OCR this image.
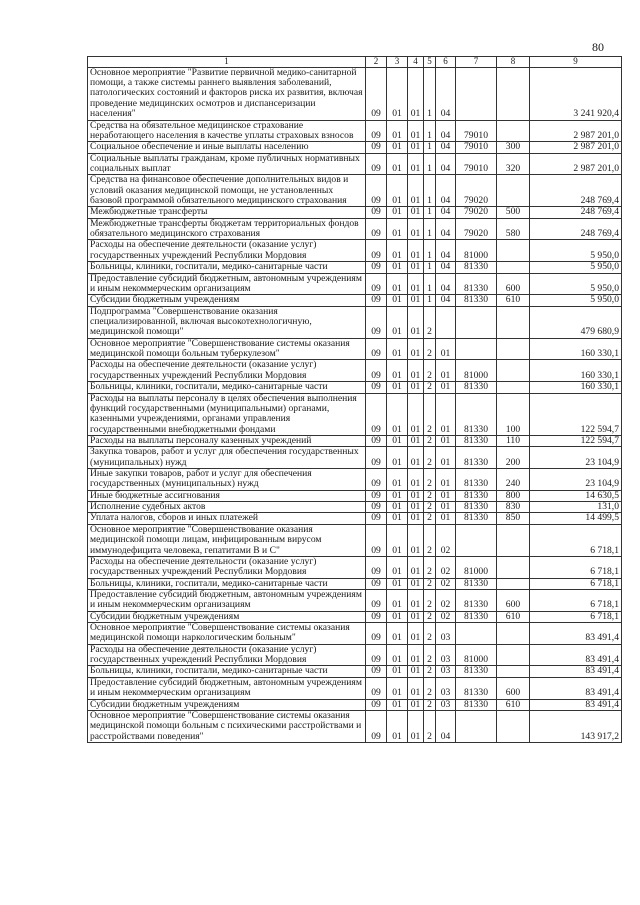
80
1	2	3	4	5	6	7	8	9
Основное мероприятие "Развитие первичной медико-санитарной помощи, а также системы раннего выявления заболеваний, патологических состояний и факторов риска их развития, включая проведение медицинских осмотров и диспансеризации населения"	09	01	01	1	04			3 241 920,4
Средства на обязательное медицинское страхование неработающего населения в качестве уплаты страховых взносов	09	01	01	1	04	79010		2 987 201,0
Социальное обеспечение и иные выплаты населению	09	01	01	1	04	79010	300	2 987 201,0
Социальные выплаты гражданам, кроме публичных нормативных социальных выплат	09	01	01	1	04	79010	320	2 987 201,0
Средства на финансовое обеспечение дополнительных видов и условий оказания медицинской помощи, не установленных базовой программой обязательного медицинского страхования	09	01	01	1	04	79020		248 769,4
Межбюджетные трансферты	09	01	01	1	04	79020	500	248 769,4
Межбюджетные трансферты бюджетам территориальных фондов обязательного медицинского страхования	09	01	01	1	04	79020	580	248 769,4
Расходы на обеспечение деятельности (оказание услуг) государственных учреждений Республики Мордовия	09	01	01	1	04	81000		5 950,0
Больницы, клиники, госпитали, медико-санитарные части	09	01	01	1	04	81330		5 950,0
Предоставление субсидий бюджетным, автономным учреждениям и иным некоммерческим организациям	09	01	01	1	04	81330	600	5 950,0
Субсидии бюджетным учреждениям	09	01	01	1	04	81330	610	5 950,0
Подпрограмма "Совершенствование оказания специализированной, включая высокотехнологичную, медицинской помощи"	09	01	01	2				479 680,9
Основное мероприятие "Совершенствование системы оказания медицинской помощи больным туберкулезом"	09	01	01	2	01			160 330,1
Расходы на обеспечение деятельности (оказание услуг) государственных учреждений Республики Мордовия	09	01	01	2	01	81000		160 330,1
Больницы, клиники, госпитали, медико-санитарные части	09	01	01	2	01	81330		160 330,1
Расходы на выплаты персоналу в целях обеспечения выполнения функций государственными (муниципальными) органами, казенными учреждениями, органами управления государственными внебюджетными фондами	09	01	01	2	01	81330	100	122 594,7
Расходы на выплаты персоналу казенных учреждений	09	01	01	2	01	81330	110	122 594,7
Закупка товаров, работ и услуг для обеспечения государственных (муниципальных) нужд	09	01	01	2	01	81330	200	23 104,9
Иные закупки товаров, работ и услуг для обеспечения государственных (муниципальных) нужд	09	01	01	2	01	81330	240	23 104,9
Иные бюджетные ассигнования	09	01	01	2	01	81330	800	14 630,5
Исполнение судебных актов	09	01	01	2	01	81330	830	131,0
Уплата налогов, сборов и иных платежей	09	01	01	2	01	81330	850	14 499,5
Основное мероприятие "Совершенствование оказания медицинской помощи лицам, инфицированным вирусом иммунодефицита человека, гепатитами B и C"	09	01	01	2	02			6 718,1
Расходы на обеспечение деятельности (оказание услуг) государственных учреждений Республики Мордовия	09	01	01	2	02	81000		6 718,1
Больницы, клиники, госпитали, медико-санитарные части	09	01	01	2	02	81330		6 718,1
Предоставление субсидий бюджетным, автономным учреждениям и иным некоммерческим организациям	09	01	01	2	02	81330	600	6 718,1
Субсидии бюджетным учреждениям	09	01	01	2	02	81330	610	6 718,1
Основное мероприятие "Совершенствование системы оказания медицинской помощи наркологическим больным"	09	01	01	2	03			83 491,4
Расходы на обеспечение деятельности (оказание услуг) государственных учреждений Республики Мордовия	09	01	01	2	03	81000		83 491,4
Больницы, клиники, госпитали, медико-санитарные части	09	01	01	2	03	81330		83 491,4
Предоставление субсидий бюджетным, автономным учреждениям и иным некоммерческим организациям	09	01	01	2	03	81330	600	83 491,4
Субсидии бюджетным учреждениям	09	01	01	2	03	81330	610	83 491,4
Основное мероприятие "Совершенствование системы оказания медицинской помощи больным с психическими расстройствами и расстройствами поведения"	09	01	01	2	04			143 917,2
